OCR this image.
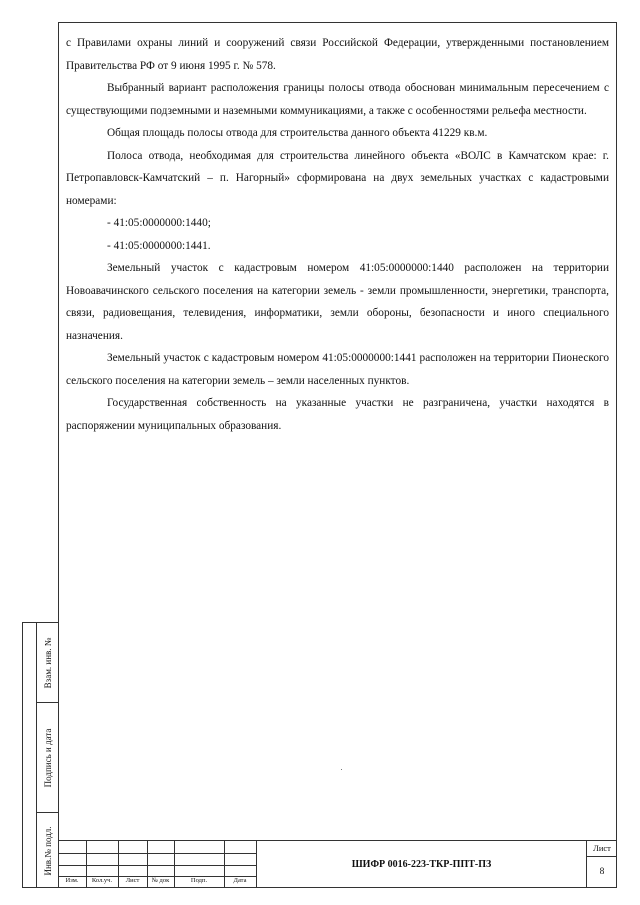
с Правилами охраны линий и сооружений связи Российской Федерации, утвержденными постановлением Правительства РФ от 9 июня 1995 г. № 578.

Выбранный вариант расположения границы полосы отвода обоснован минимальным пересечением с существующими подземными и наземными коммуникациями, а также с особенностями рельефа местности.

Общая площадь полосы отвода для строительства данного объекта 41229 кв.м.

Полоса отвода, необходимая для строительства линейного объекта «ВОЛС в Камчатском крае: г. Петропавловск-Камчатский – п. Нагорный» сформирована на двух земельных участках с кадастровыми номерами:

- 41:05:0000000:1440;

- 41:05:0000000:1441.

Земельный участок с кадастровым номером 41:05:0000000:1440 расположен на территории Новоавачинского сельского поселения на категории земель - земли промышленности, энергетики, транспорта, связи, радиовещания, телевидения, информатики, земли обороны, безопасности и иного специального назначения.

Земельный участок с кадастровым номером 41:05:0000000:1441 расположен на территории Пионеского сельского поселения на категории земель – земли населенных пунктов.

Государственная собственность на указанные участки не разграничена, участки находятся в распоряжении муниципальных образования.

Взам. инв. №
Подпись и дата
Инв.№ подл.
Изм.	Кол.уч.	Лист	№ док	Подп.	Дата
ШИФР 0016-223-ТКР-ППТ-ПЗ
Лист
8
